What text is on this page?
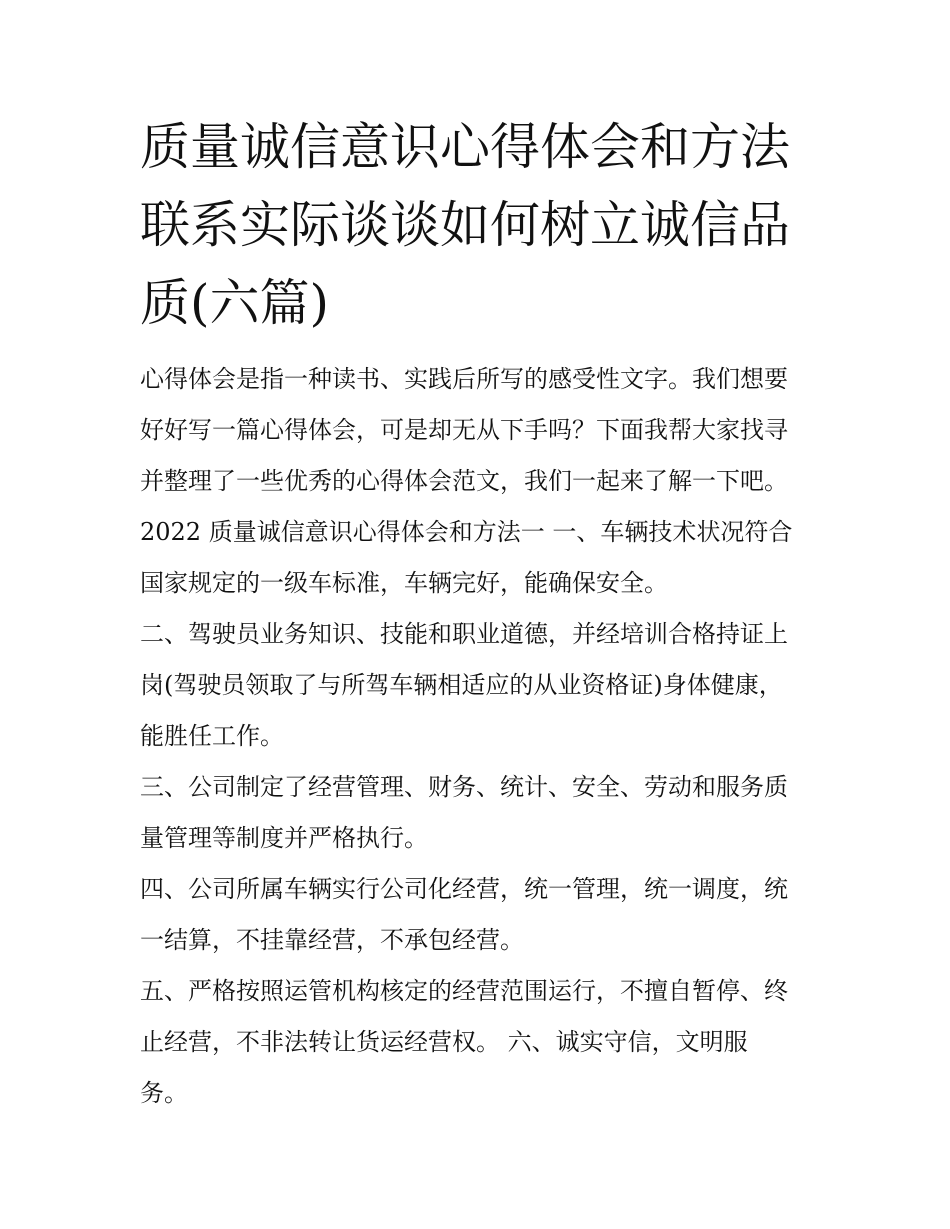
质量诚信意识心得体会和方法
联系实际谈谈如何树立诚信品
质(六篇)
心得体会是指一种读书、实践后所写的感受性文字。我们想要
好好写一篇心得体会，可是却无从下手吗？下面我帮大家找寻
并整理了一些优秀的心得体会范文，我们一起来了解一下吧。
2022 质量诚信意识心得体会和方法一 一、车辆技术状况符合
国家规定的一级车标准，车辆完好，能确保安全。
二、驾驶员业务知识、技能和职业道德，并经培训合格持证上
岗(驾驶员领取了与所驾车辆相适应的从业资格证)身体健康，
能胜任工作。
三、公司制定了经营管理、财务、统计、安全、劳动和服务质
量管理等制度并严格执行。
四、公司所属车辆实行公司化经营，统一管理，统一调度，统
一结算，不挂靠经营，不承包经营。
五、严格按照运管机构核定的经营范围运行，不擅自暂停、终
止经营，不非法转让货运经营权。 六、诚实守信，文明服
务。
